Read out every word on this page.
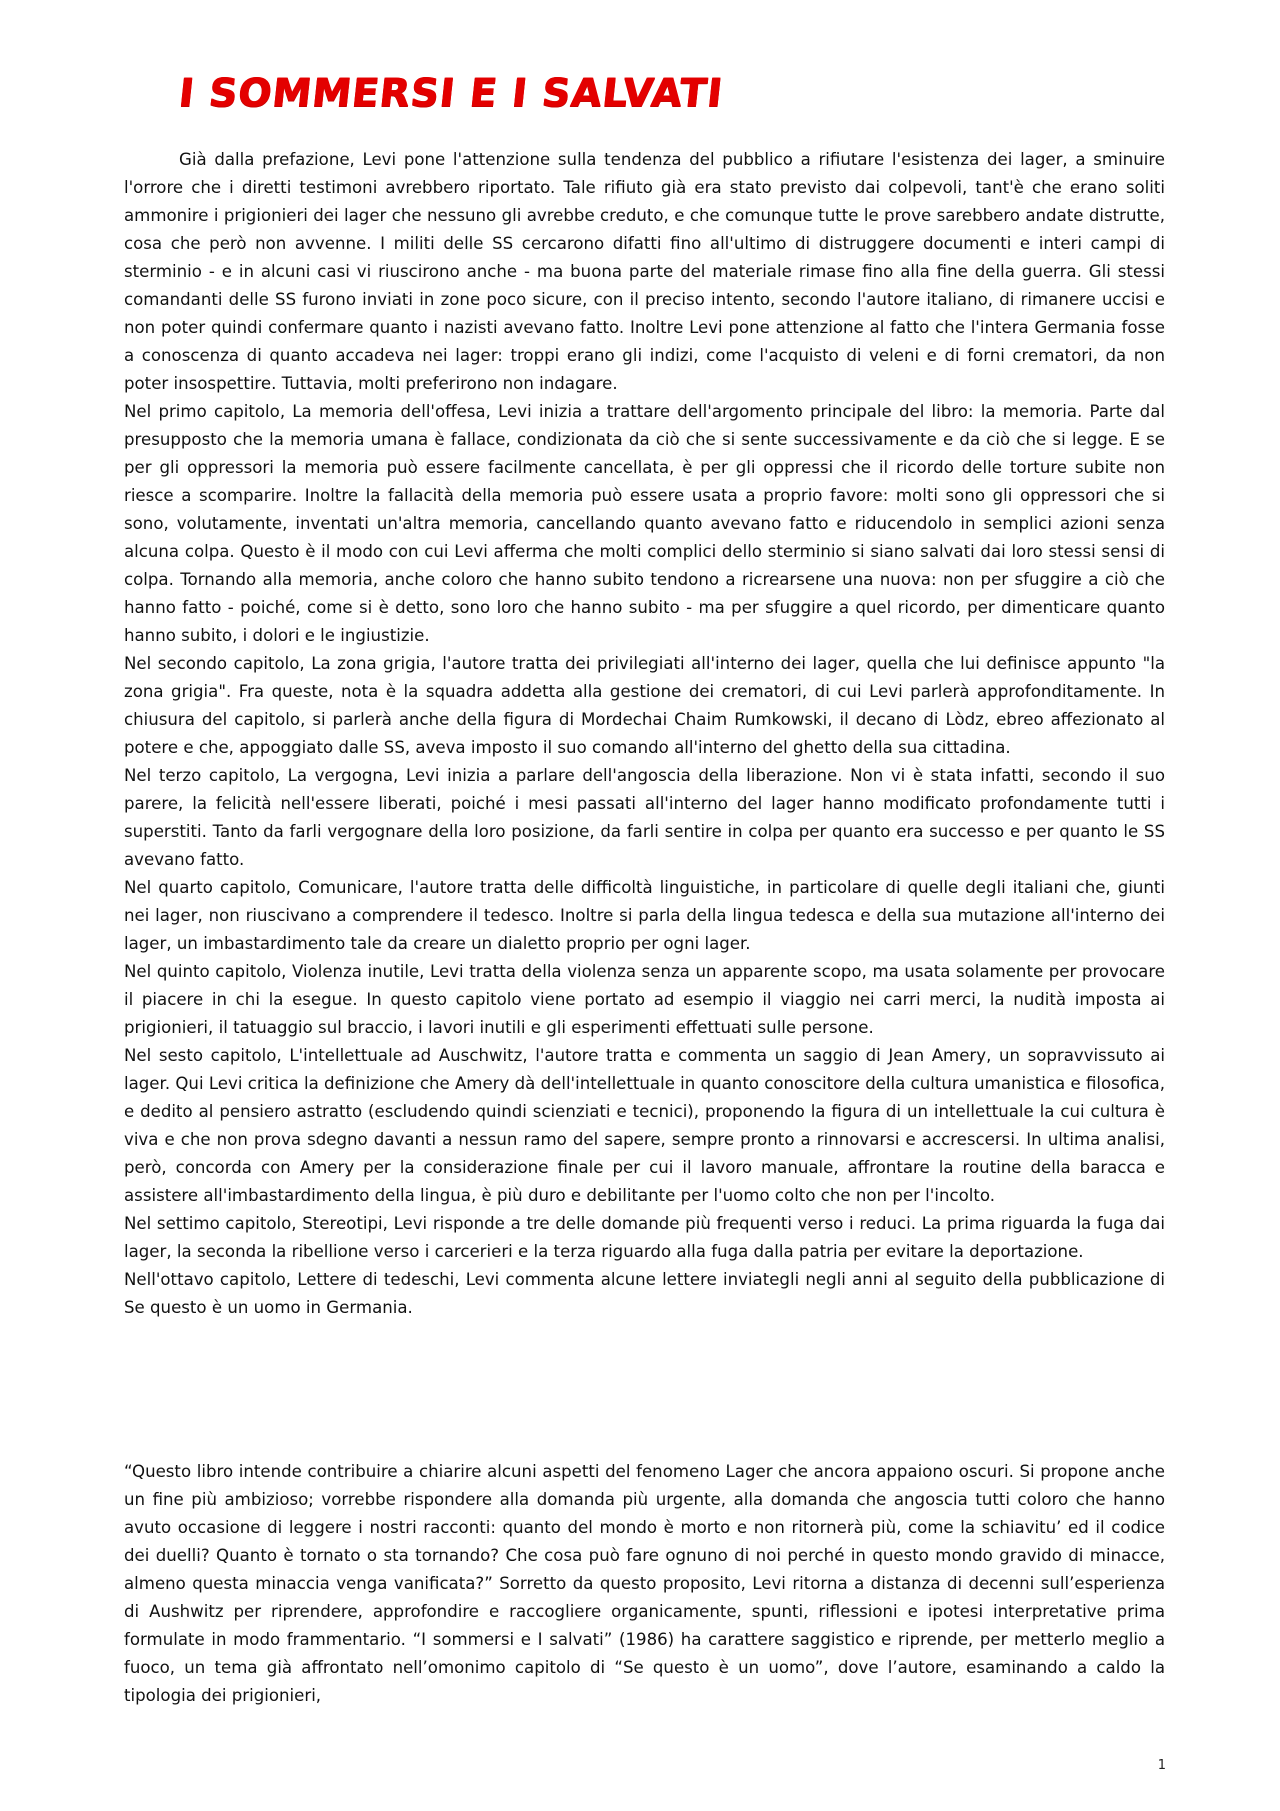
I SOMMERSI E I SALVATI

Già dalla prefazione, Levi pone l'attenzione sulla tendenza del pubblico a rifiutare l'esistenza dei lager, a sminuire l'orrore che i diretti testimoni avrebbero riportato. Tale rifiuto già era stato previsto dai colpevoli, tant'è che erano soliti ammonire i prigionieri dei lager che nessuno gli avrebbe creduto, e che comunque tutte le prove sarebbero andate distrutte, cosa che però non avvenne. I militi delle SS cercarono difatti fino all'ultimo di distruggere documenti e interi campi di sterminio - e in alcuni casi vi riuscirono anche - ma buona parte del materiale rimase fino alla fine della guerra. Gli stessi comandanti delle SS furono inviati in zone poco sicure, con il preciso intento, secondo l'autore italiano, di rimanere uccisi e non poter quindi confermare quanto i nazisti avevano fatto. Inoltre Levi pone attenzione al fatto che l'intera Germania fosse a conoscenza di quanto accadeva nei lager: troppi erano gli indizi, come l'acquisto di veleni e di forni crematori, da non poter insospettire. Tuttavia, molti preferirono non indagare.

Nel primo capitolo, La memoria dell'offesa, Levi inizia a trattare dell'argomento principale del libro: la memoria. Parte dal presupposto che la memoria umana è fallace, condizionata da ciò che si sente successivamente e da ciò che si legge. E se per gli oppressori la memoria può essere facilmente cancellata, è per gli oppressi che il ricordo delle torture subite non riesce a scomparire. Inoltre la fallacità della memoria può essere usata a proprio favore: molti sono gli oppressori che si sono, volutamente, inventati un'altra memoria, cancellando quanto avevano fatto e riducendolo in semplici azioni senza alcuna colpa. Questo è il modo con cui Levi afferma che molti complici dello sterminio si siano salvati dai loro stessi sensi di colpa. Tornando alla memoria, anche coloro che hanno subito tendono a ricrearsene una nuova: non per sfuggire a ciò che hanno fatto - poiché, come si è detto, sono loro che hanno subito - ma per sfuggire a quel ricordo, per dimenticare quanto hanno subito, i dolori e le ingiustizie.

Nel secondo capitolo, La zona grigia, l'autore tratta dei privilegiati all'interno dei lager, quella che lui definisce appunto "la zona grigia". Fra queste, nota è la squadra addetta alla gestione dei crematori, di cui Levi parlerà approfonditamente. In chiusura del capitolo, si parlerà anche della figura di Mordechai Chaim Rumkowski, il decano di Lòdz, ebreo affezionato al potere e che, appoggiato dalle SS, aveva imposto il suo comando all'interno del ghetto della sua cittadina.

Nel terzo capitolo, La vergogna, Levi inizia a parlare dell'angoscia della liberazione. Non vi è stata infatti, secondo il suo parere, la felicità nell'essere liberati, poiché i mesi passati all'interno del lager hanno modificato profondamente tutti i superstiti. Tanto da farli vergognare della loro posizione, da farli sentire in colpa per quanto era successo e per quanto le SS avevano fatto.

Nel quarto capitolo, Comunicare, l'autore tratta delle difficoltà linguistiche, in particolare di quelle degli italiani che, giunti nei lager, non riuscivano a comprendere il tedesco. Inoltre si parla della lingua tedesca e della sua mutazione all'interno dei lager, un imbastardimento tale da creare un dialetto proprio per ogni lager.

Nel quinto capitolo, Violenza inutile, Levi tratta della violenza senza un apparente scopo, ma usata solamente per provocare il piacere in chi la esegue. In questo capitolo viene portato ad esempio il viaggio nei carri merci, la nudità imposta ai prigionieri, il tatuaggio sul braccio, i lavori inutili e gli esperimenti effettuati sulle persone.

Nel sesto capitolo, L'intellettuale ad Auschwitz, l'autore tratta e commenta un saggio di Jean Amery, un sopravvissuto ai lager. Qui Levi critica la definizione che Amery dà dell'intellettuale in quanto conoscitore della cultura umanistica e filosofica, e dedito al pensiero astratto (escludendo quindi scienziati e tecnici), proponendo la figura di un intellettuale la cui cultura è viva e che non prova sdegno davanti a nessun ramo del sapere, sempre pronto a rinnovarsi e accrescersi. In ultima analisi, però, concorda con Amery per la considerazione finale per cui il lavoro manuale, affrontare la routine della baracca e assistere all'imbastardimento della lingua, è più duro e debilitante per l'uomo colto che non per l'incolto.

Nel settimo capitolo, Stereotipi, Levi risponde a tre delle domande più frequenti verso i reduci. La prima riguarda la fuga dai lager, la seconda la ribellione verso i carcerieri e la terza riguardo alla fuga dalla patria per evitare la deportazione.

Nell'ottavo capitolo, Lettere di tedeschi, Levi commenta alcune lettere inviategli negli anni al seguito della pubblicazione di Se questo è un uomo in Germania.

“Questo libro intende contribuire a chiarire alcuni aspetti del fenomeno Lager che ancora appaiono oscuri. Si propone anche un fine più ambizioso; vorrebbe rispondere alla domanda più urgente, alla domanda che angoscia tutti coloro che hanno avuto occasione di leggere i nostri racconti: quanto del mondo è morto e non ritornerà più, come la schiavitu’ ed il codice dei duelli? Quanto è tornato o sta tornando? Che cosa può fare ognuno di noi perché in questo mondo gravido di minacce, almeno questa minaccia venga vanificata?” Sorretto da questo proposito, Levi ritorna a distanza di decenni sull’esperienza di Aushwitz per riprendere, approfondire e raccogliere organicamente, spunti, riflessioni e ipotesi interpretative prima formulate in modo frammentario. “I sommersi e I salvati” (1986) ha carattere saggistico e riprende, per metterlo meglio a fuoco, un tema già affrontato nell’omonimo capitolo di “Se questo è un uomo”, dove l’autore, esaminando a caldo la tipologia dei prigionieri,

1
